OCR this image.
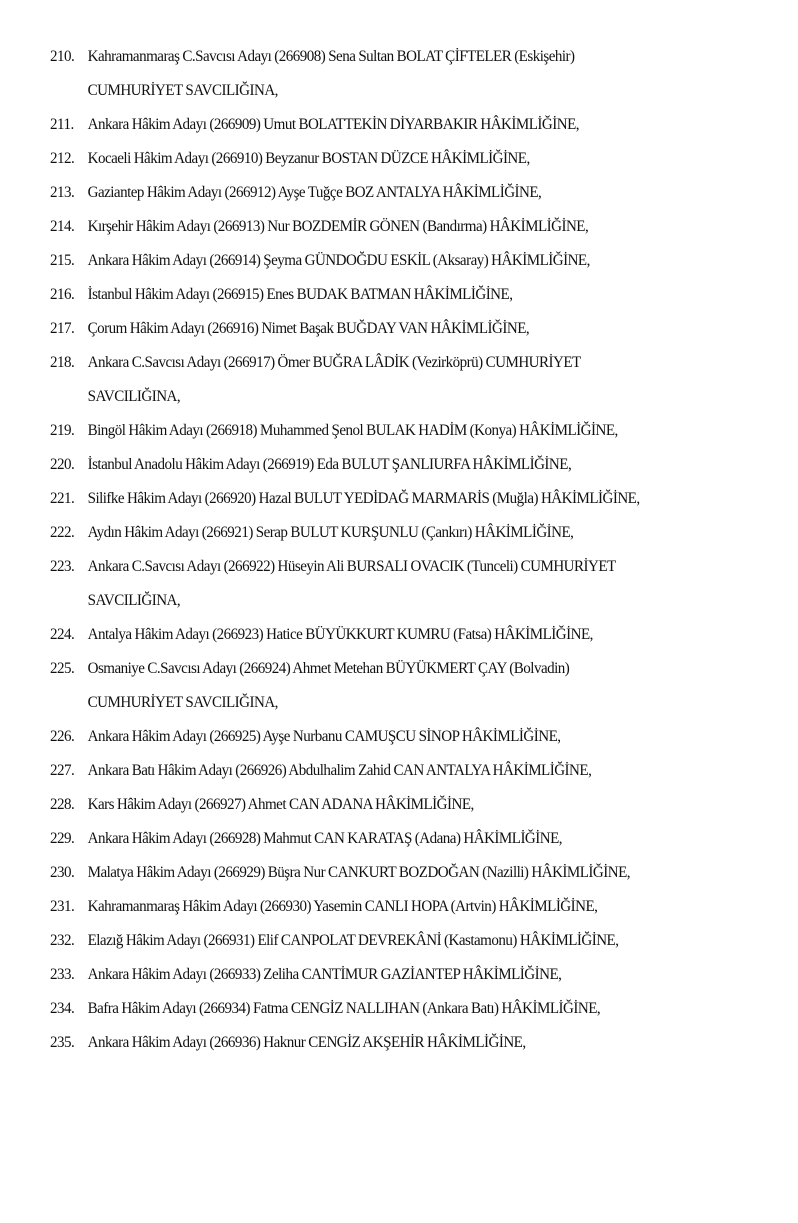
210. Kahramanmaraş C.Savcısı Adayı (266908) Sena Sultan BOLAT ÇİFTELER (Eskişehir)
CUMHURİYET SAVCILIĞINA,
211. Ankara Hâkim Adayı (266909) Umut BOLATTEKİN DİYARBAKIR HÂKİMLİĞİNE,
212. Kocaeli Hâkim Adayı (266910) Beyzanur BOSTAN DÜZCE HÂKİMLİĞİNE,
213. Gaziantep Hâkim Adayı (266912) Ayşe Tuğçe BOZ ANTALYA HÂKİMLİĞİNE,
214. Kırşehir Hâkim Adayı (266913) Nur BOZDEMİR GÖNEN (Bandırma) HÂKİMLİĞİNE,
215. Ankara Hâkim Adayı (266914) Şeyma GÜNDOĞDU ESKİL (Aksaray) HÂKİMLİĞİNE,
216. İstanbul Hâkim Adayı (266915) Enes BUDAK BATMAN HÂKİMLİĞİNE,
217. Çorum Hâkim Adayı (266916) Nimet Başak BUĞDAY VAN HÂKİMLİĞİNE,
218. Ankara C.Savcısı Adayı (266917) Ömer BUĞRA LÂDİK (Vezirköprü) CUMHURİYET
SAVCILIĞINA,
219. Bingöl Hâkim Adayı (266918) Muhammed Şenol BULAK HADİM (Konya) HÂKİMLİĞİNE,
220. İstanbul Anadolu Hâkim Adayı (266919) Eda BULUT ŞANLIURFA HÂKİMLİĞİNE,
221. Silifke Hâkim Adayı (266920) Hazal BULUT YEDİDAĞ MARMARİS (Muğla) HÂKİMLİĞİNE,
222. Aydın Hâkim Adayı (266921) Serap BULUT KURŞUNLU (Çankırı) HÂKİMLİĞİNE,
223. Ankara C.Savcısı Adayı (266922) Hüseyin Ali BURSALI OVACIK (Tunceli) CUMHURİYET
SAVCILIĞINA,
224. Antalya Hâkim Adayı (266923) Hatice BÜYÜKKURT KUMRU (Fatsa) HÂKİMLİĞİNE,
225. Osmaniye C.Savcısı Adayı (266924) Ahmet Metehan BÜYÜKMERT ÇAY (Bolvadin)
CUMHURİYET SAVCILIĞINA,
226. Ankara Hâkim Adayı (266925) Ayşe Nurbanu CAMUŞCU SİNOP HÂKİMLİĞİNE,
227. Ankara Batı Hâkim Adayı (266926) Abdulhalim Zahid CAN ANTALYA HÂKİMLİĞİNE,
228. Kars Hâkim Adayı (266927) Ahmet CAN ADANA HÂKİMLİĞİNE,
229. Ankara Hâkim Adayı (266928) Mahmut CAN KARATAŞ (Adana) HÂKİMLİĞİNE,
230. Malatya Hâkim Adayı (266929) Büşra Nur CANKURT BOZDOĞAN (Nazilli) HÂKİMLİĞİNE,
231. Kahramanmaraş Hâkim Adayı (266930) Yasemin CANLI HOPA (Artvin) HÂKİMLİĞİNE,
232. Elazığ Hâkim Adayı (266931) Elif CANPOLAT DEVREKÂNİ (Kastamonu) HÂKİMLİĞİNE,
233. Ankara Hâkim Adayı (266933) Zeliha CANTİMUR GAZİANTEP HÂKİMLİĞİNE,
234. Bafra Hâkim Adayı (266934) Fatma CENGİZ NALLIHAN (Ankara Batı) HÂKİMLİĞİNE,
235. Ankara Hâkim Adayı (266936) Haknur CENGİZ AKŞEHİR HÂKİMLİĞİNE,
